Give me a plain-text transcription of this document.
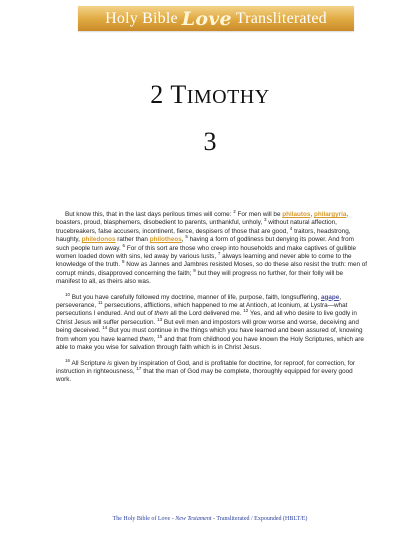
Holy Bible Love Transliterated
2 TIMOTHY
3

But know this, that in the last days perilous times will come: $^2$ For men will be philautos, philargyria, boasters, proud, blasphemers, disobedient to parents, unthankful, unholy, $^3$ without natural affection, trucebreakers, false accusers, incontinent, fierce, despisers of those that are good, $^4$ traitors, headstrong, haughty, philedonos rather than philotheos, $^5$ having a form of godliness but denying its power. And from such people turn away. $^6$ For of this sort are those who creep into households and make captives of gullible women loaded down with sins, led away by various lusts, $^7$ always learning and never able to come to the knowledge of the truth. $^8$ Now as Jannes and Jambres resisted Moses, so do these also resist the truth: men of corrupt minds, disapproved concerning the faith; $^9$ but they will progress no further, for their folly will be manifest to all, as theirs also was.

$^{10}$ But you have carefully followed my doctrine, manner of life, purpose, faith, longsuffering, agape, perseverance, $^{11}$ persecutions, afflictions, which happened to me at Antioch, at Iconium, at Lystra—what persecutions I endured. And out of them all the Lord delivered me. $^{12}$ Yes, and all who desire to live godly in Christ Jesus will suffer persecution. $^{13}$ But evil men and impostors will grow worse and worse, deceiving and being deceived. $^{14}$ But you must continue in the things which you have learned and been assured of, knowing from whom you have learned them, $^{15}$ and that from childhood you have known the Holy Scriptures, which are able to make you wise for salvation through faith which is in Christ Jesus.

$^{16}$ All Scripture is given by inspiration of God, and is profitable for doctrine, for reproof, for correction, for instruction in righteousness, $^{17}$ that the man of God may be complete, thoroughly equipped for every good work.

The Holy Bible of Love - New Testament - Transliterated / Expounded (HBLT/E)
